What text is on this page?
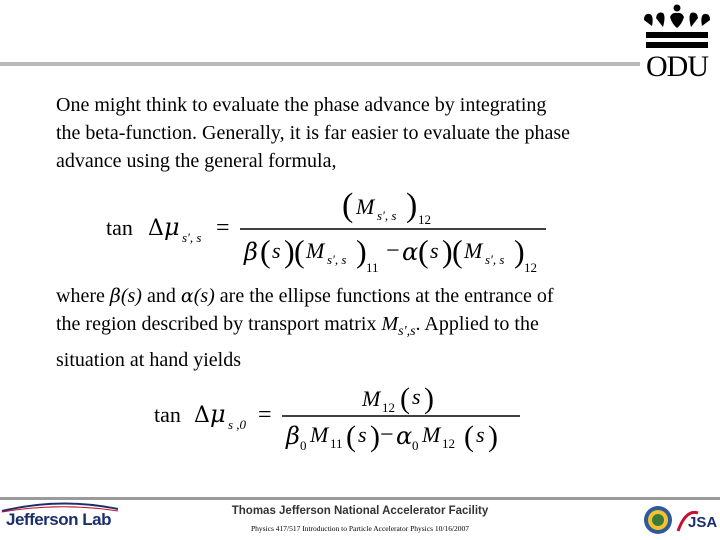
ODU

One might think to evaluate the phase advance by integrating
the beta-function. Generally, it is far easier to evaluate the phase
advance using the general formula,

tan Δ μ s', s =
( M s', s ) 12
β ( s ) ( M s', s ) 11
− α ( s ) ( M s', s ) 12

where β(s) and α(s) are the ellipse functions at the entrance of
the region described by transport matrix $M_{s',s}$. Applied to the
situation at hand yields

tan Δ μ s ,0 =
M 12 ( s )
β 0 M 11 ( s ) − α 0 M 12 ( s )
Jefferson Lab	Thomas Jefferson National Accelerator Facility
Physics 417/517 Introduction to Particle Accelerator Physics 10/16/2007	JSA
